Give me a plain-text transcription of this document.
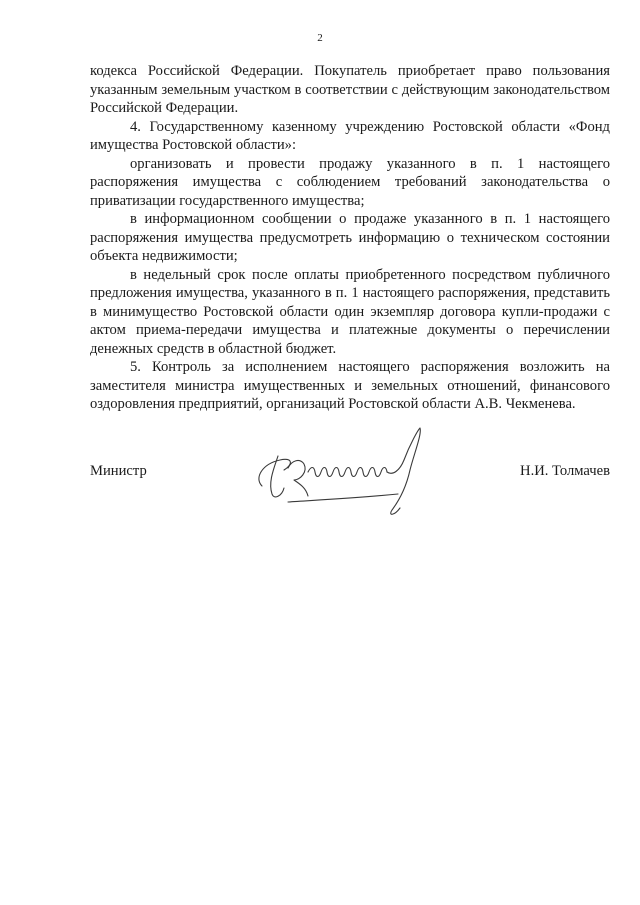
2

кодекса Российской Федерации. Покупатель приобретает право пользования указанным земельным участком в соответствии с действующим законодательством Российской Федерации.

4. Государственному казенному учреждению Ростовской области «Фонд имущества Ростовской области»:

организовать и провести продажу указанного в п. 1 настоящего распоряжения имущества с соблюдением требований законодательства о приватизации государственного имущества;

в информационном сообщении о продаже указанного в п. 1 настоящего распоряжения имущества предусмотреть информацию о техническом состоянии объекта недвижимости;

в недельный срок после оплаты приобретенного посредством публичного предложения имущества, указанного в п. 1 настоящего распоряжения, представить в минимущество Ростовской области один экземпляр договора купли-продажи с актом приема-передачи имущества и платежные документы о перечислении денежных средств в областной бюджет.

5. Контроль за исполнением настоящего распоряжения возложить на заместителя министра имущественных и земельных отношений, финансового оздоровления предприятий, организаций Ростовской области А.В. Чекменева.

Министр	Н.И. Толмачев
